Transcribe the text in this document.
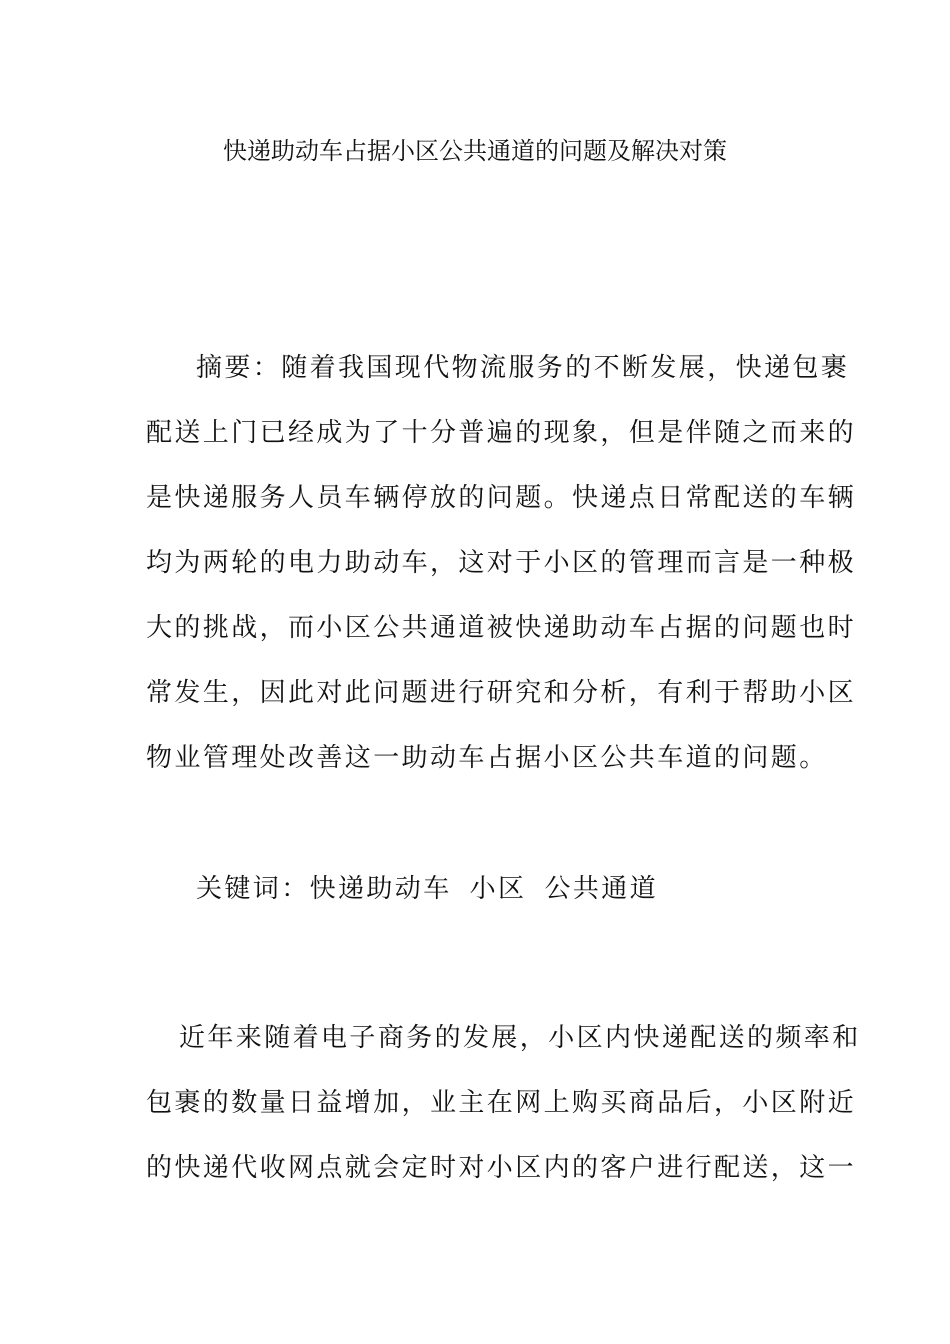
快递助动车占据小区公共通道的问题及解决对策
摘要：随着我国现代物流服务的不断发展，快递包裹
配送上门已经成为了十分普遍的现象，但是伴随之而来的
是快递服务人员车辆停放的问题。快递点日常配送的车辆
均为两轮的电力助动车，这对于小区的管理而言是一种极
大的挑战，而小区公共通道被快递助动车占据的问题也时
常发生，因此对此问题进行研究和分析，有利于帮助小区
物业管理处改善这一助动车占据小区公共车道的问题。
关键词：快递助动车 小区 公共通道
近年来随着电子商务的发展，小区内快递配送的频率和
包裹的数量日益增加，业主在网上购买商品后，小区附近
的快递代收网点就会定时对小区内的客户进行配送，这一
